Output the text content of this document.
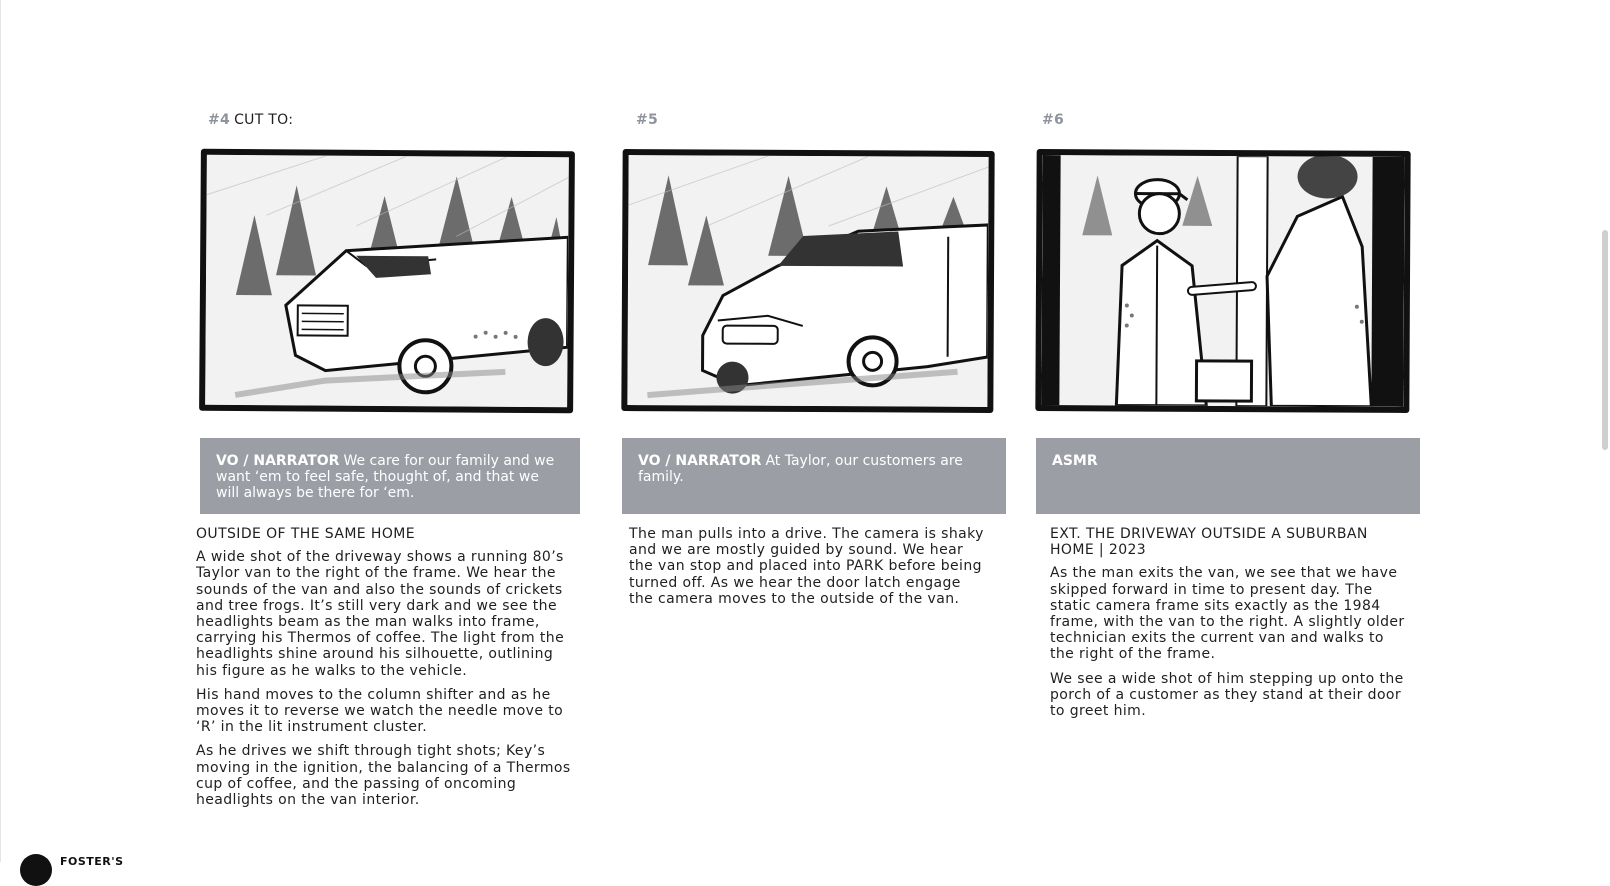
#4 CUT TO:
VO / NARRATOR We care for our family and we want ‘em to feel safe, thought of, and that we will always be there for ‘em.

OUTSIDE OF THE SAME HOME

A wide shot of the driveway shows a running 80’s Taylor van to the right of the frame. We hear the sounds of the van and also the sounds of crickets and tree frogs. It’s still very dark and we see the headlights beam as the man walks into frame, carrying his Thermos of coffee. The light from the headlights shine around his silhouette, outlining his figure as he walks to the vehicle.

His hand moves to the column shifter and as he moves it to reverse we watch the needle move to ‘R’ in the lit instrument cluster.

As he drives we shift through tight shots; Key’s moving in the ignition, the balancing of a Thermos cup of coffee, and the passing of oncoming headlights on the van interior.

#5
VO / NARRATOR At Taylor, our customers are family.

The man pulls into a drive. The camera is shaky and we are mostly guided by sound. We hear the van stop and placed into PARK before being turned off. As we hear the door latch engage the camera moves to the outside of the van.

#6
ASMR

EXT. THE DRIVEWAY OUTSIDE A SUBURBAN HOME | 2023

As the man exits the van, we see that we have skipped forward in time to present day. The static camera frame sits exactly as the 1984 frame, with the van to the right. A slightly older technician exits the current van and walks to the right of the frame.

We see a wide shot of him stepping up onto the porch of a customer as they stand at their door to greet him.

FOSTER'S
